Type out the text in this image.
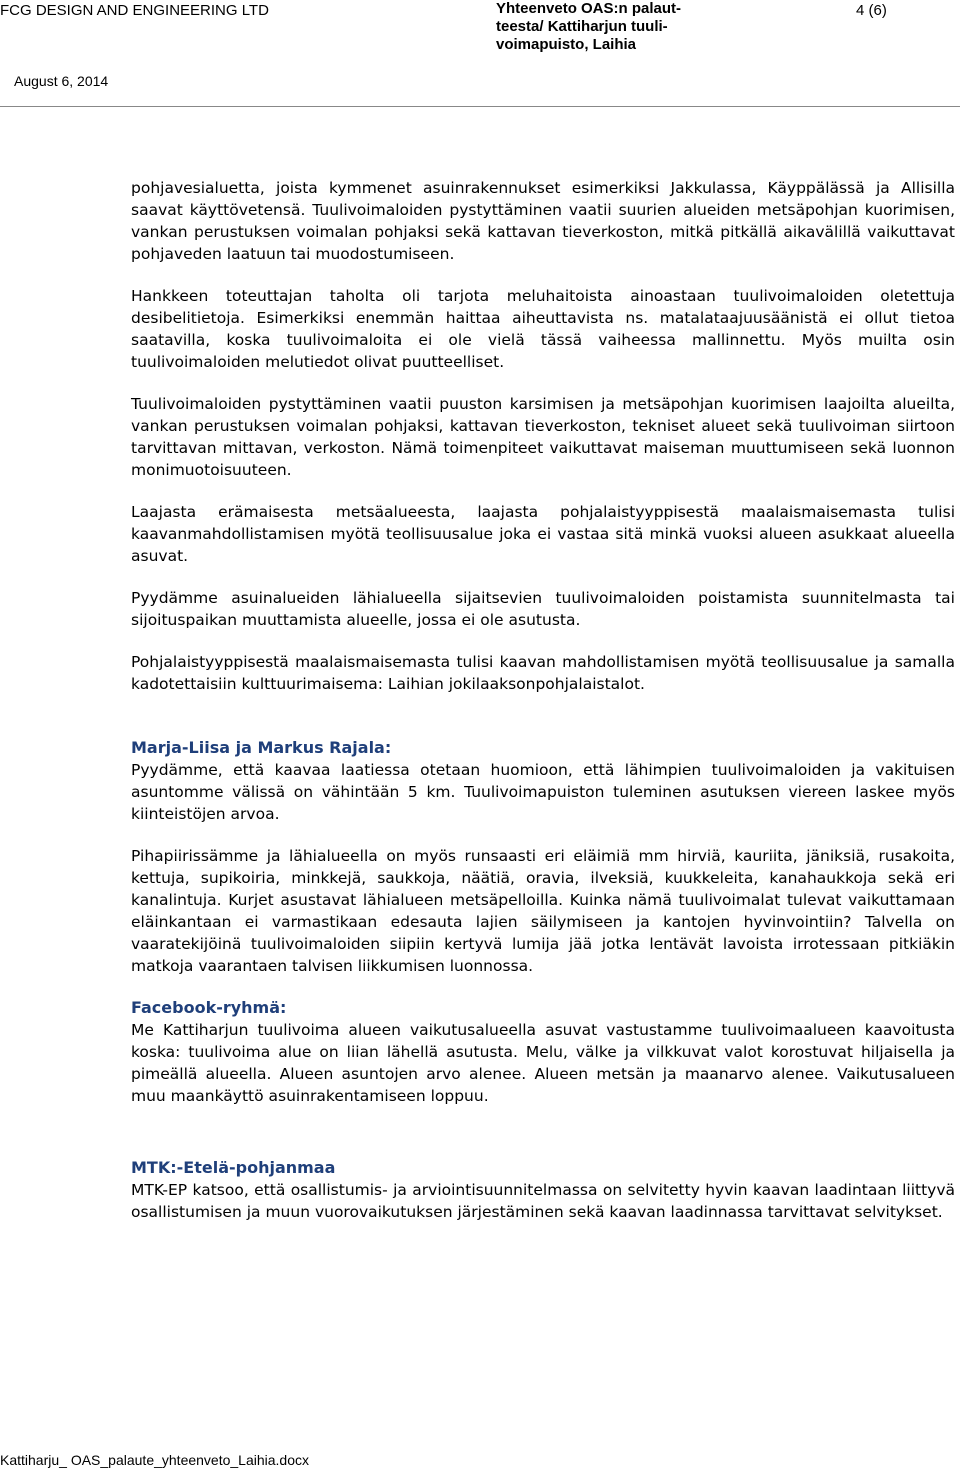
FCG DESIGN AND ENGINEERING LTD	Yhteenveto OAS:n palaut-teesta/ Kattiharjun tuuli-voimapuisto, Laihia
4 (6)
August 6, 2014

pohjavesialuetta, joista kymmenet asuinrakennukset esimerkiksi Jakkulassa, Käyppälässä ja Allisilla saavat käyttövetensä. Tuulivoimaloiden pystyttäminen vaatii suurien alueiden metsäpohjan kuorimisen, vankan perustuksen voimalan pohjaksi sekä kattavan tieverkoston, mitkä pitkällä aikavälillä vaikuttavat pohjaveden laatuun tai muodostumiseen.

Hankkeen toteuttajan taholta oli tarjota meluhaitoista ainoastaan tuulivoimaloiden oletettuja desibelitietoja. Esimerkiksi enemmän haittaa aiheuttavista ns. matalataajuusäänistä ei ollut tietoa saatavilla, koska tuulivoimaloita ei ole vielä tässä vaiheessa mallinnettu. Myös muilta osin tuulivoimaloiden melutiedot olivat puutteelliset.

Tuulivoimaloiden pystyttäminen vaatii puuston karsimisen ja metsäpohjan kuorimisen laajoilta alueilta, vankan perustuksen voimalan pohjaksi, kattavan tieverkoston, tekniset alueet sekä tuulivoiman siirtoon tarvittavan mittavan, verkoston. Nämä toimenpiteet vaikuttavat maiseman muuttumiseen sekä luonnon monimuotoisuuteen.

Laajasta erämaisesta metsäalueesta, laajasta pohjalaistyyppisestä maalaismaisemasta tulisi kaavanmahdollistamisen myötä teollisuusalue joka ei vastaa sitä minkä vuoksi alueen asukkaat alueella asuvat.

Pyydämme asuinalueiden lähialueella sijaitsevien tuulivoimaloiden poistamista suunnitelmasta tai sijoituspaikan muuttamista alueelle, jossa ei ole asutusta.

Pohjalaistyyppisestä maalaismaisemasta tulisi kaavan mahdollistamisen myötä teollisuusalue ja samalla kadotettaisiin kulttuurimaisema: Laihian jokilaaksonpohjalaistalot.

Marja-Liisa ja Markus Rajala:

Pyydämme, että kaavaa laatiessa otetaan huomioon, että lähimpien tuulivoimaloiden ja vakituisen asuntomme välissä on vähintään 5 km. Tuulivoimapuiston tuleminen asutuksen viereen laskee myös kiinteistöjen arvoa.

Pihapiirissämme ja lähialueella on myös runsaasti eri eläimiä mm hirviä, kauriita, jäniksiä, rusakoita, kettuja, supikoiria, minkkejä, saukkoja, näätiä, oravia, ilveksiä, kuukkeleita, kanahaukkoja sekä eri kanalintuja. Kurjet asustavat lähialueen metsäpelloilla. Kuinka nämä tuulivoimalat tulevat vaikuttamaan eläinkantaan ei varmastikaan edesauta lajien säilymiseen ja kantojen hyvinvointiin? Talvella on vaaratekijöinä tuulivoimaloiden siipiin kertyvä lumija jää jotka lentävät lavoista irrotessaan pitkiäkin matkoja vaarantaen talvisen liikkumisen luonnossa.

Facebook-ryhmä:

Me Kattiharjun tuulivoima alueen vaikutusalueella asuvat vastustamme tuulivoimaalueen kaavoitusta koska: tuulivoima alue on liian lähellä asutusta. Melu, välke ja vilkkuvat valot korostuvat hiljaisella ja pimeällä alueella. Alueen asuntojen arvo alenee. Alueen metsän ja maanarvo alenee. Vaikutusalueen muu maankäyttö asuinrakentamiseen loppuu.

MTK:-Etelä-pohjanmaa

MTK-EP katsoo, että osallistumis- ja arviointisuunnitelmassa on selvitetty hyvin kaavan laadintaan liittyvä osallistumisen ja muun vuorovaikutuksen järjestäminen sekä kaavan laadinnassa tarvittavat selvitykset.

Kattiharju_ OAS_palaute_yhteenveto_Laihia.docx
